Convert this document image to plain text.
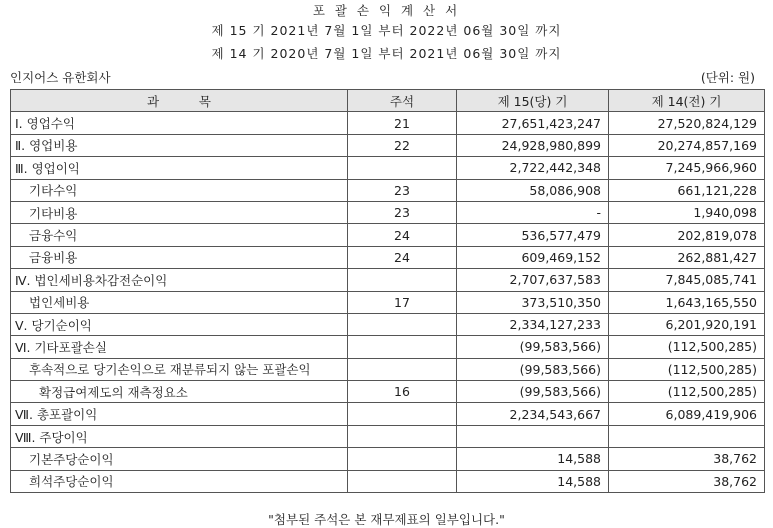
포 괄 손 익 계 산 서
제 15 기 2021년 7월 1일 부터 2022년 06월 30일 까지
제 14 기 2020년 7월 1일 부터 2021년 06월 30일 까지
인지어스 유한회사	(단위: 원)
과          목	주석	제 15(당) 기	제 14(전) 기
Ⅰ. 영업수익	21	27,651,423,247	27,520,824,129
Ⅱ. 영업비용	22	24,928,980,899	20,274,857,169
Ⅲ. 영업이익		2,722,442,348	7,245,966,960
기타수익	23	58,086,908	661,121,228
기타비용	23	-	1,940,098
금융수익	24	536,577,479	202,819,078
금융비용	24	609,469,152	262,881,427
Ⅳ. 법인세비용차감전순이익		2,707,637,583	7,845,085,741
법인세비용	17	373,510,350	1,643,165,550
Ⅴ. 당기순이익		2,334,127,233	6,201,920,191
Ⅵ. 기타포괄손실		(99,583,566)	(112,500,285)
후속적으로 당기손익으로 재분류되지 않는 포괄손익		(99,583,566)	(112,500,285)
확정급여제도의 재측정요소	16	(99,583,566)	(112,500,285)
Ⅶ. 총포괄이익		2,234,543,667	6,089,419,906
Ⅷ. 주당이익			
기본주당순이익		14,588	38,762
희석주당순이익		14,588	38,762
"첨부된 주석은 본 재무제표의 일부입니다."
